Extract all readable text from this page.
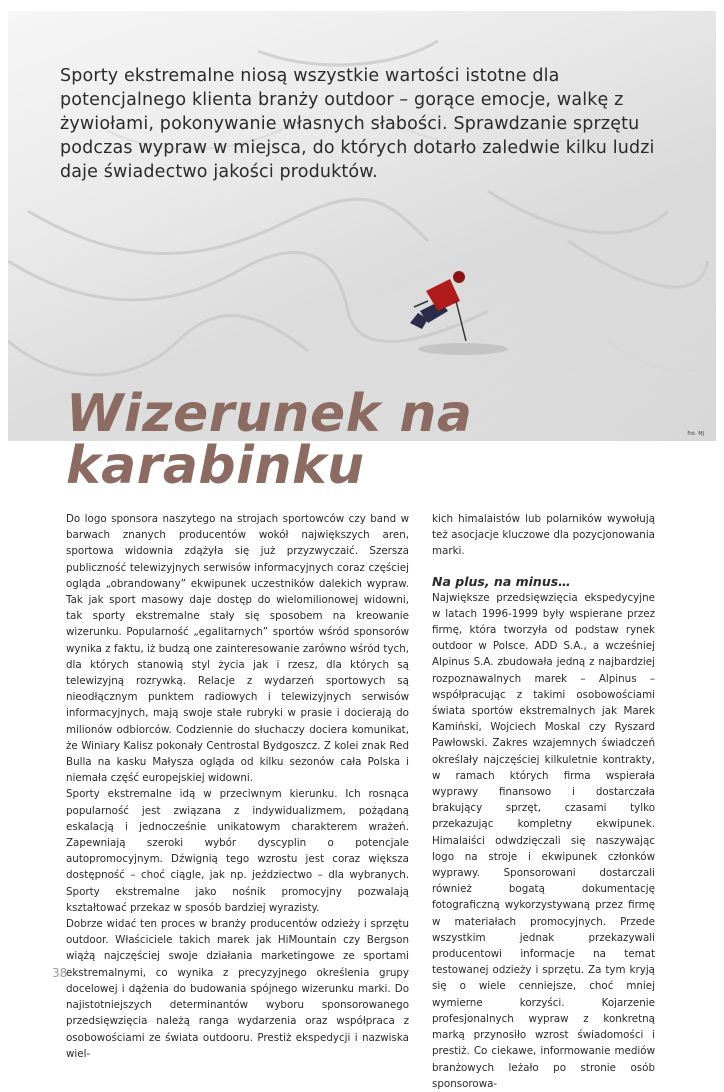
Fot. MJ

Sporty ekstremalne niosą wszystkie wartości istotne dla potencjalnego klienta branży outdoor – gorące emocje, walkę z żywiołami, pokonywanie własnych słabości. Sprawdzanie sprzętu podczas wypraw w miejsca, do których dotarło zaledwie kilku ludzi daje świadectwo jakości produktów.

Wizerunek na
karabinku

Do logo sponsora naszytego na strojach sportowców czy band w barwach znanych producentów wokół największych aren, sportowa widownia zdążyła się już przyzwyczaić. Szersza publiczność telewizyjnych serwisów informacyjnych coraz częściej ogląda „obrandowany” ekwipunek uczestników dalekich wypraw. Tak jak sport masowy daje dostęp do wielomilionowej widowni, tak sporty ekstremalne stały się sposobem na kreowanie wizerunku. Popularność „egalitarnych” sportów wśród sponsorów wynika z faktu, iż budzą one zainteresowanie zarówno wśród tych, dla których stanowią styl życia jak i rzesz, dla których są telewizyjną rozrywką. Relacje z wydarzeń sportowych są nieodłącznym punktem radiowych i telewizyjnych serwisów informacyjnych, mają swoje stałe rubryki w prasie i docierają do milionów odbiorców. Codziennie do słuchaczy dociera komunikat, że Winiary Kalisz pokonały Centrostal Bydgoszcz. Z kolei znak Red Bulla na kasku Małysza ogląda od kilku sezonów cała Polska i niemała część europejskiej widowni.

Sporty ekstremalne idą w przeciwnym kierunku. Ich rosnąca popularność jest związana z indywidualizmem, pożądaną eskalacją i jednocześnie unikatowym charakterem wrażeń. Zapewniają szeroki wybór dyscyplin o potencjale autopromocyjnym. Dźwignią tego wzrostu jest coraz większa dostępność – choć ciągle, jak np. jeździectwo – dla wybranych. Sporty ekstremalne jako nośnik promocyjny pozwalają kształtować przekaz w sposób bardziej wyrazisty.

Dobrze widać ten proces w branży producentów odzieży i sprzętu outdoor. Właściciele takich marek jak HiMountain czy Bergson wiążą najczęściej swoje działania marketingowe ze sportami ekstremalnymi, co wynika z precyzyjnego określenia grupy docelowej i dążenia do budowania spójnego wizerunku marki. Do najistotniejszych determinantów wyboru sponsorowanego przedsięwzięcia należą ranga wydarzenia oraz współpraca z osobowościami ze świata outdooru. Prestiż ekspedycji i nazwiska wiel-

kich himalaistów lub polarników wywołują też asocjacje kluczowe dla pozycjonowania marki.

Na plus, na minus…

Największe przedsięwzięcia ekspedycyjne w latach 1996-1999 były wspierane przez firmę, która tworzyła od podstaw rynek outdoor w Polsce. ADD S.A., a wcześniej Alpinus S.A. zbudowała jedną z najbardziej rozpoznawalnych marek – Alpinus – współpracując z takimi osobowościami świata sportów ekstremalnych jak Marek Kamiński, Wojciech Moskal czy Ryszard Pawłowski. Zakres wzajemnych świadczeń określały najczęściej kilkuletnie kontrakty, w ramach których firma wspierała wyprawy finansowo i dostarczała brakujący sprzęt, czasami tylko przekazując kompletny ekwipunek. Himalaiści odwdzięczali się naszywając logo na stroje i ekwipunek członków wyprawy. Sponsorowani dostarczali również bogatą dokumentację fotograficzną wykorzystywaną przez firmę w materiałach promocyjnych. Przede wszystkim jednak przekazywali producentowi informacje na temat testowanej odzieży i sprzętu. Za tym kryją się o wiele cenniejsze, choć mniej wymierne korzyści. Kojarzenie profesjonalnych wypraw z konkretną marką przynosiło wzrost świadomości i prestiż. Co ciekawe, informowanie mediów branżowych leżało po stronie osób sponsorowa-

38
